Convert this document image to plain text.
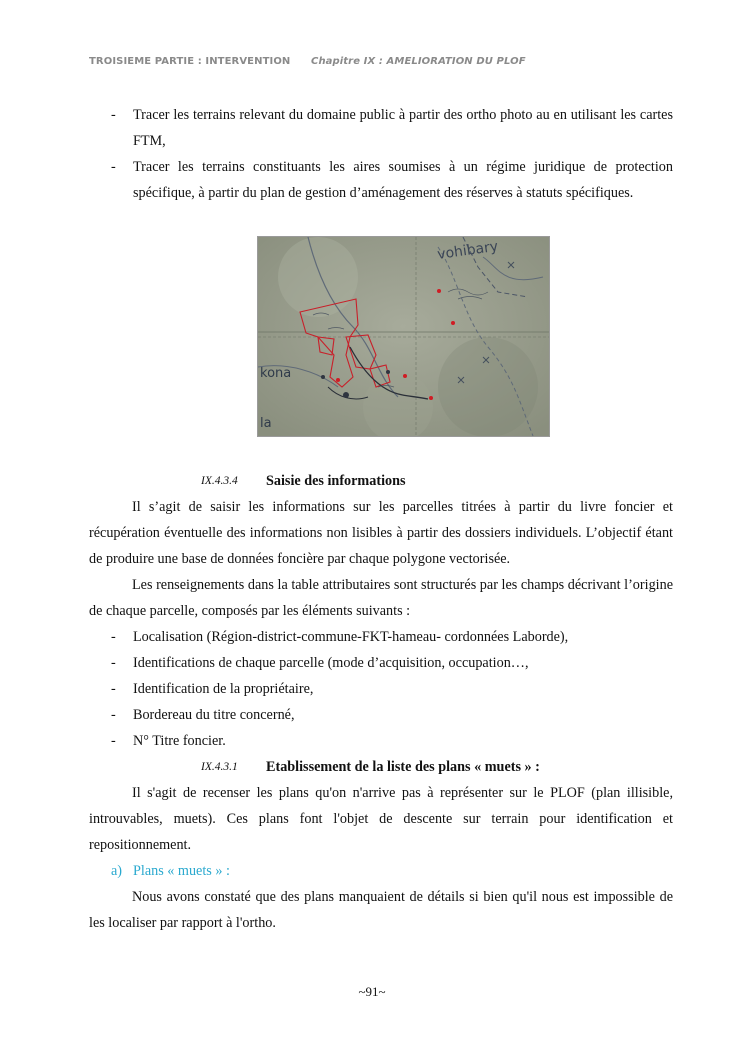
TROISIEME PARTIE : INTERVENTION Chapitre IX : AMELIORATION DU PLOF
- Tracer les terrains relevant du domaine public à partir des ortho photo au en utilisant les cartes FTM,
- Tracer les terrains constituants les aires soumises à un régime juridique de protection spécifique, à partir du plan de gestion d’aménagement des réserves à statuts spécifiques.
vohibary
kona
la
IX.4.3.4 Saisie des informations
Il s’agit de saisir les informations sur les parcelles titrées à partir du livre foncier et récupération éventuelle des informations non lisibles à partir des dossiers individuels. L’objectif étant de produire une base de données foncière par chaque polygone vectorisée.
Les renseignements dans la table attributaires sont structurés par les champs décrivant l’origine de chaque parcelle, composés par les éléments suivants :
- Localisation (Région-district-commune-FKT-hameau- cordonnées Laborde),
- Identifications de chaque parcelle (mode d’acquisition, occupation…,
- Identification de la propriétaire,
- Bordereau du titre concerné,
- N° Titre foncier.
IX.4.3.1 Etablissement de la liste des plans « muets » :
Il s'agit de recenser les plans qu'on n'arrive pas à représenter sur le PLOF (plan illisible, introuvables, muets). Ces plans font l'objet de descente sur terrain pour identification et repositionnement.
a) Plans « muets » :
Nous avons constaté que des plans manquaient de détails si bien qu'il nous est impossible de les localiser par rapport à l'ortho.
~91~
